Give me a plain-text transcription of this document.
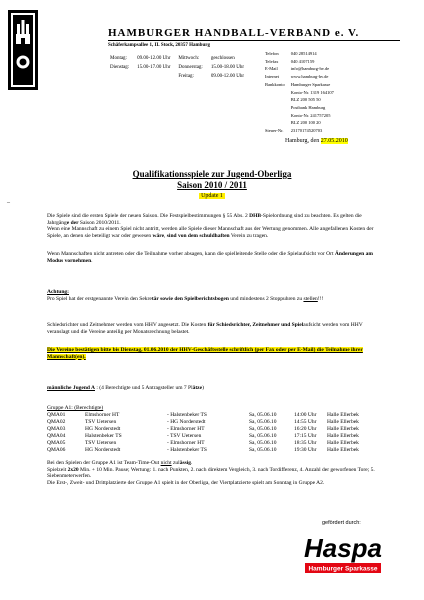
HAMBURGER HANDBALL-VERBAND e. V.
Schäferkampsallee 1, II. Stock, 20357 Hamburg
Montag:	09.00-12.00 Uhr	Mittwoch:	geschlossen
Dienstag:	15.00-17.00 Uhr	Donnerstag:	15.00-18.00 Uhr
		Freitag:	09.00-12.00 Uhr
Telefon	040 28514914
Telefax	040 4107159
E-Mail	info@hamburg-hv.de
Internet	www.hamburg-hv.de
Bankkonto	Hamburger Sparkasse
	Konto-Nr. 1319 164107
	BLZ 200 505 50
	Postbank Hamburg
	Konto-Nr. 241757205
	BLZ 200 100 20
Steuer-Nr.	23170174520703
Hamburg, den 27.05.2010
Qualifikationsspiele zur Jugend-Oberliga
Saison 2010 / 2011
Update 1
–
Die Spiele sind die ersten Spiele der neuen Saison. Die Festspielbestimmungen § 55 Abs. 2 DHB-Spielordnung sind zu beachten. Es gelten die Jahrgänge der Saison 2010/2011.
Wenn eine Mannschaft zu einem Spiel nicht antritt, werden alle Spiele dieser Mannschaft aus der Wertung genommen. Alle angefallenen Kosten der Spiele, an denen sie beteiligt war oder gewesen wäre, sind von dem schuldhaften Verein zu tragen.
Wenn Mannschaften nicht antreten oder die Teilnahme vorher absagen, kann die spielleitende Stelle oder die Spielaufsicht vor Ort Änderungen am Modus vornehmen.
Achtung:
Pro Spiel hat der erstgenannte Verein den Sekretär sowie den Spielberichtsbogen und mindestens 2 Stoppuhren zu stellen!!!
Schiedsrichter und Zeitnehmer werden vom HHV angesetzt. Die Kosten für Schiedsrichter, Zeitnehmer und Spielaufsicht werden vom HHV veranslagt und die Vereine anteilig per Monatsrechnung belastet.
Die Vereine bestätigen bitte bis Dienstag, 01.06.2010 der HHV-Geschäftsstelle schriftlich (per Fax oder per E-Mail) die Teilnahme ihrer Mannschaft(en).
männliche Jugend A : (4 Berechtigte und 5 Antragsteller um 7 Plätze)
Gruppe A1: (Berechtigte)
QMA01	Elmshorner HT	- Halstenbeker TS	Sa, 05.06.10	14:00 Uhr	Halle Ellerbek
QMA02	TSV Uetersen	- HG Norderstedt	Sa, 05.06.10	14:55 Uhr	Halle Ellerbek
QMA03	HG Norderstedt	- Elmshorner HT	Sa, 05.06.10	16:20 Uhr	Halle Ellerbek
QMA04	Halstenbeker TS	- TSV Uetersen	Sa, 05.06.10	17:15 Uhr	Halle Ellerbek
QMA05	TSV Uetersen	- Elmshorner HT	Sa, 05.06.10	18:35 Uhr	Halle Ellerbek
QMA06	HG Norderstedt	- Halstenbeker TS	Sa, 05.06.10	19:30 Uhr	Halle Ellerbek
Bei den Spielen der Gruppe A1 ist Team-Time-Out nicht zulässig.
Spielzeit 2x20 Min. + 10 Min. Pause; Wertung: 1. nach Punkten, 2. nach direktem Vergleich, 3. nach Tordifferenz, 4. Anzahl der geworfenen Tore; 5. Siebenmeterwerfen.
Die Erst-, Zweit- und Drittplatzierte der Gruppe A1 spielt in der Oberliga, der Viertplatzierte spielt am Sonntag in Gruppe A2.
gefördert durch:
Haspa
Hamburger Sparkasse
